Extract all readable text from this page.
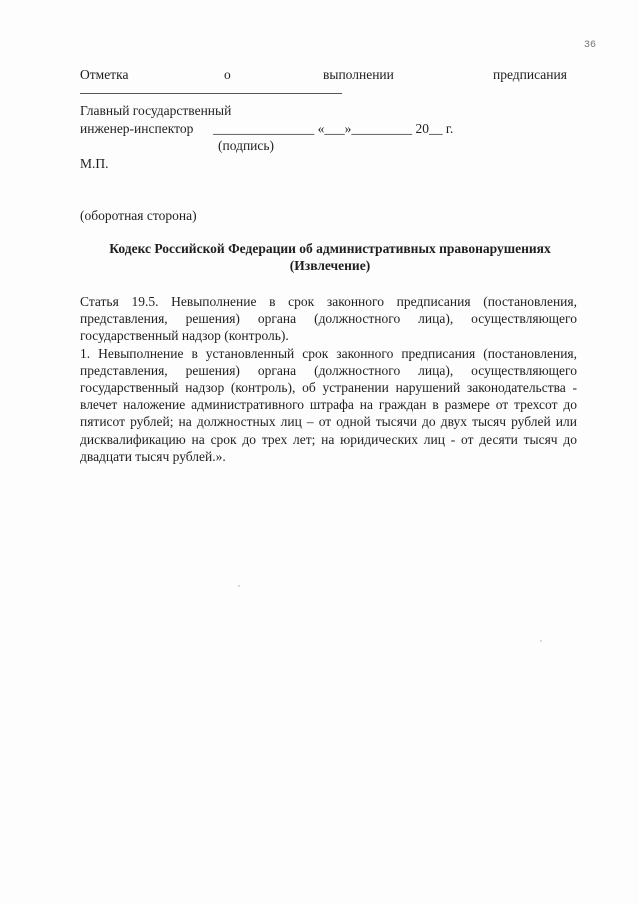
36
Отметка	о	выполнении	предписания
Главный государственный
инженер-инспектор _______________ «___»_________ 20__ г.
(подпись)
М.П.
(оборотная сторона)
Кодекс Российской Федерации об административных правонарушениях
(Извлечение)
Статья 19.5. Невыполнение в срок законного предписания (постановления, представления, решения) органа (должностного лица), осуществляющего государственный надзор (контроль).
1. Невыполнение в установленный срок законного предписания (постановления, представления, решения) органа (должностного лица), осуществляющего государственный надзор (контроль), об устранении нарушений законодательства - влечет наложение административного штрафа на граждан в размере от трехсот до пятисот рублей; на должностных лиц – от одной тысячи до двух тысяч рублей или дисквалификацию на срок до трех лет; на юридических лиц - от десяти тысяч до двадцати тысяч рублей.».
